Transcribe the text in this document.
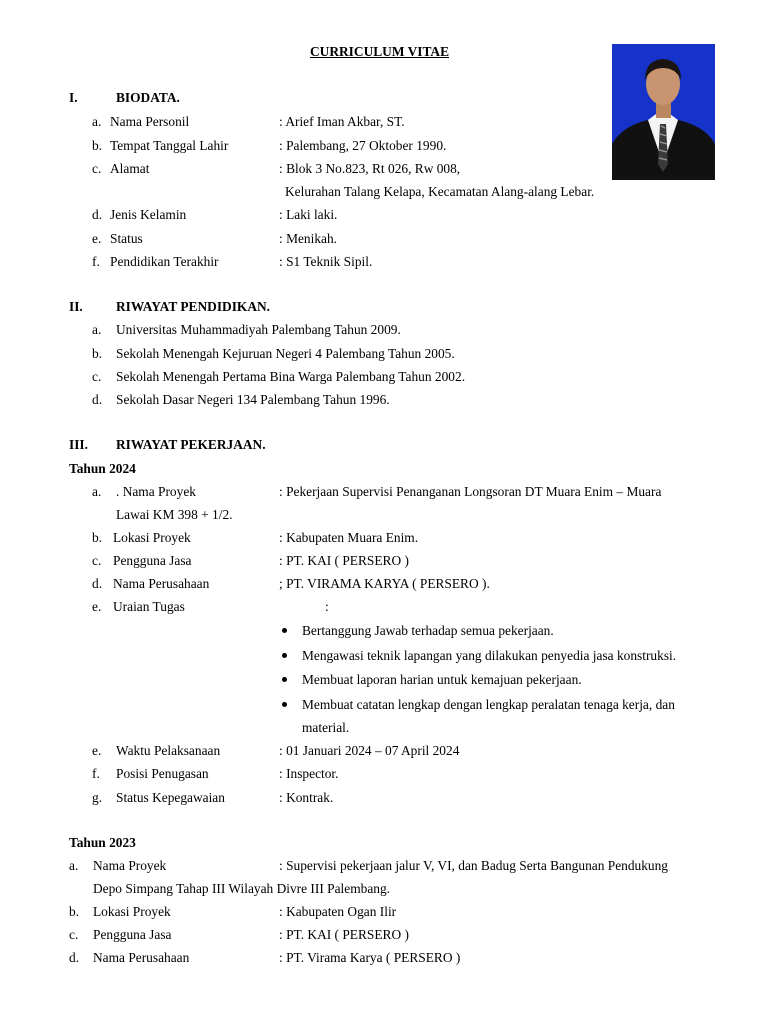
CURRICULUM VITAE
I.	BIODATA.
a. Nama Personil	: Arief Iman Akbar, ST.
b. Tempat Tanggal Lahir	: Palembang, 27 Oktober 1990.
c. Alamat	: Blok 3 No.823, Rt 026, Rw 008,
Kelurahan Talang Kelapa, Kecamatan Alang-alang Lebar.
d. Jenis Kelamin	: Laki laki.
e. Status	: Menikah.
f. Pendidikan Terakhir	: S1 Teknik Sipil.
II. RIWAYAT PENDIDIKAN.
a. Universitas Muhammadiyah Palembang Tahun 2009.
b. Sekolah Menengah Kejuruan Negeri 4 Palembang Tahun 2005.
c. Sekolah Menengah Pertama Bina Warga Palembang Tahun 2002.
d. Sekolah Dasar Negeri 134 Palembang Tahun 1996.
III. RIWAYAT PEKERJAAN.
Tahun 2024
a. . Nama Proyek	: Pekerjaan Supervisi Penanganan Longsoran DT Muara Enim – Muara
Lawai KM 398 + 1/2.
b. Lokasi Proyek	: Kabupaten Muara Enim.
c. Pengguna Jasa	: PT. KAI ( PERSERO )
d. Nama Perusahaan	; PT. VIRAMA KARYA ( PERSERO ).
e. Uraian Tugas	:
Bertanggung Jawab terhadap semua pekerjaan.
Mengawasi teknik lapangan yang dilakukan penyedia jasa konstruksi.
Membuat laporan harian untuk kemajuan pekerjaan.
Membuat catatan lengkap dengan lengkap peralatan tenaga kerja, dan
material.
e. Waktu Pelaksanaan	: 01 Januari 2024 – 07 April 2024
f. Posisi Penugasan	: Inspector.
g. Status Kepegawaian	: Kontrak.
Tahun 2023
a. Nama Proyek	: Supervisi pekerjaan jalur V, VI, dan Badug Serta Bangunan Pendukung
Depo Simpang Tahap III Wilayah Divre III Palembang.
b. Lokasi Proyek	: Kabupaten Ogan Ilir
c. Pengguna Jasa	: PT. KAI ( PERSERO )
d. Nama Perusahaan	: PT. Virama Karya ( PERSERO )
